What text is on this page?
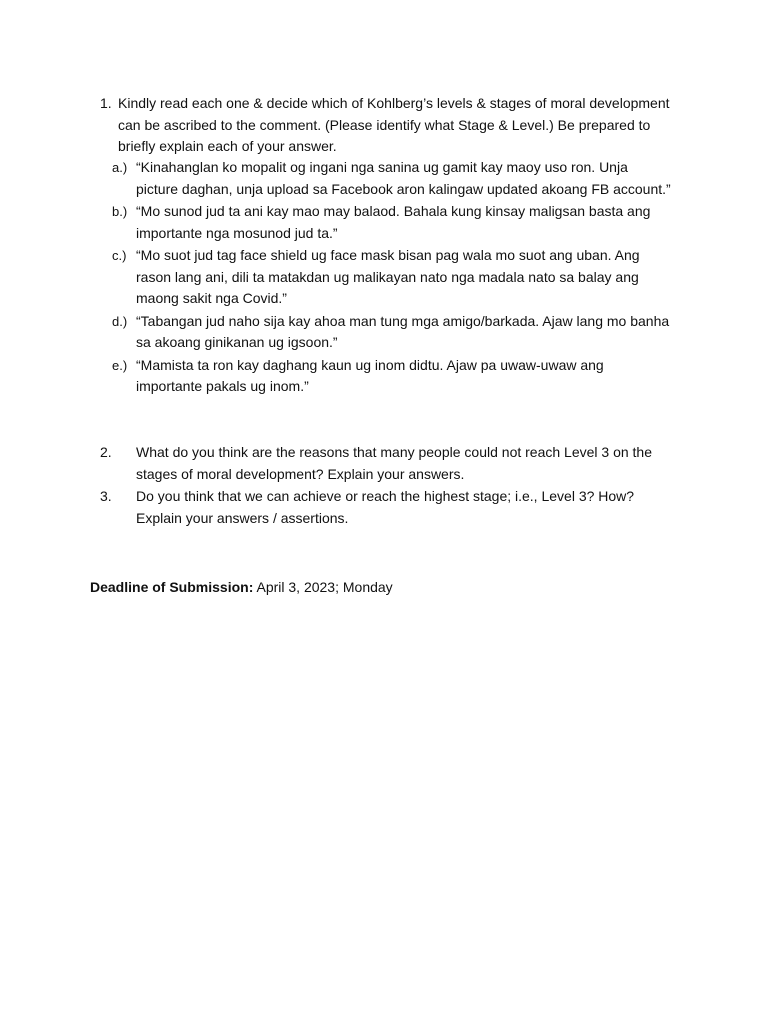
1. Kindly read each one & decide which of Kohlberg’s levels & stages of moral development can be ascribed to the comment. (Please identify what Stage & Level.) Be prepared to briefly explain each of your answer.
a.) “Kinahanglan ko mopalit og ingani nga sanina ug gamit kay maoy uso ron. Unja picture daghan, unja upload sa Facebook aron kalingaw updated akoang FB account.”
b.) “Mo sunod jud ta ani kay mao may balaod. Bahala kung kinsay maligsan basta ang importante nga mosunod jud ta.”
c.) “Mo suot jud tag face shield ug face mask bisan pag wala mo suot ang uban. Ang rason lang ani, dili ta matakdan ug malikayan nato nga madala nato sa balay ang maong sakit nga Covid.”
d.) “Tabangan jud naho sija kay ahoa man tung mga amigo/barkada. Ajaw lang mo banha sa akoang ginikanan ug igsoon.”
e.) “Mamista ta ron kay daghang kaun ug inom didtu. Ajaw pa uwaw-uwaw ang importante pakals ug inom.”
2. What do you think are the reasons that many people could not reach Level 3 on the stages of moral development? Explain your answers.
3. Do you think that we can achieve or reach the highest stage; i.e., Level 3? How? Explain your answers / assertions.
Deadline of Submission: April 3, 2023; Monday
